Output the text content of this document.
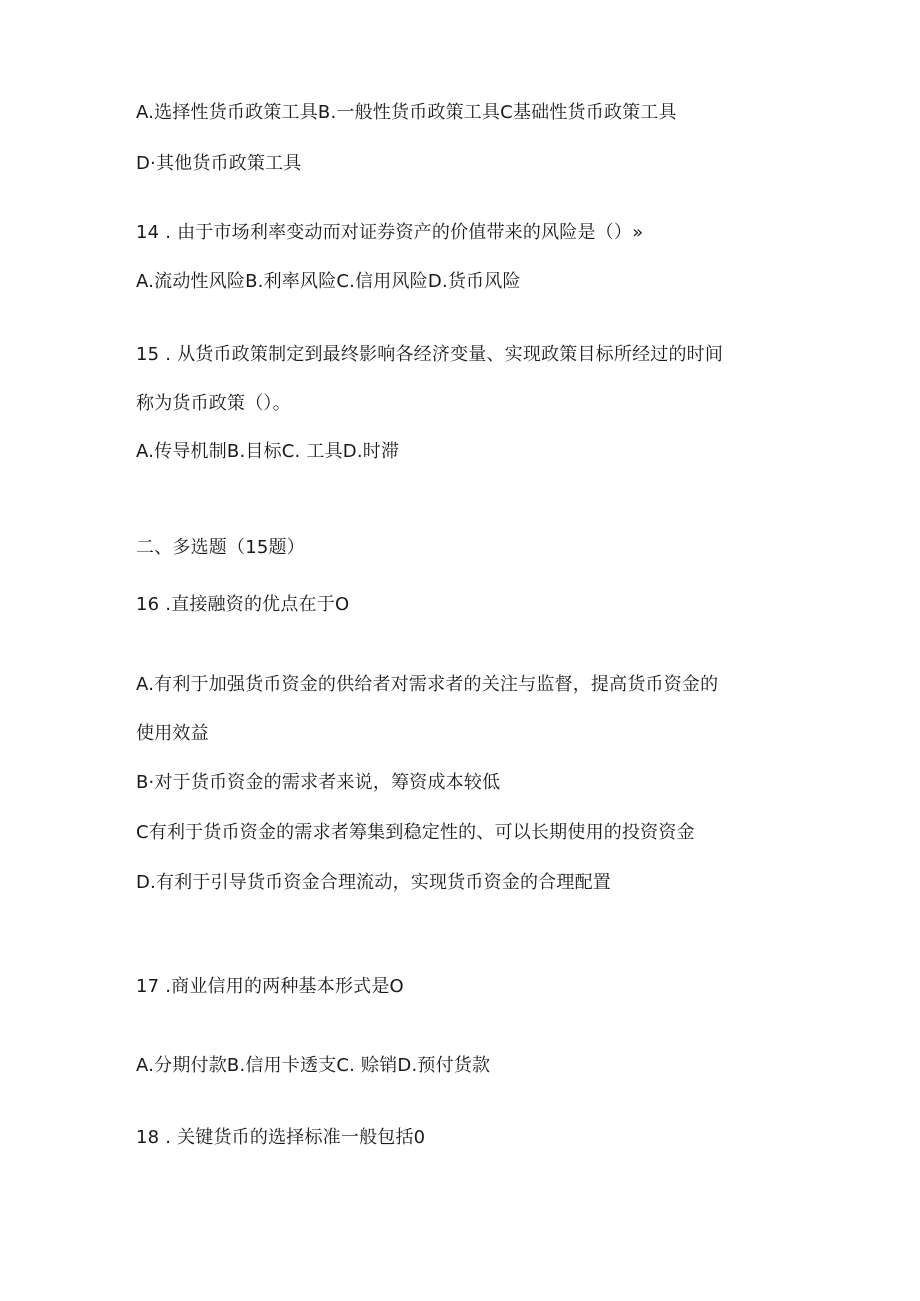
A.选择性货币政策工具B.一般性货币政策工具C基础性货币政策工具
D·其他货币政策工具
14 . 由于市场利率变动而对证券资产的价值带来的风险是（）»
A.流动性风险B.利率风险C.信用风险D.货币风险
15 . 从货币政策制定到最终影响各经济变量、实现政策目标所经过的时间
称为货币政策（）。
A.传导机制B.目标C. 工具D.时滞
二、多选题（15题）
16 .直接融资的优点在于O
A.有利于加强货币资金的供给者对需求者的关注与监督，提高货币资金的
使用效益
B·对于货币资金的需求者来说，筹资成本较低
C有利于货币资金的需求者筹集到稳定性的、可以长期使用的投资资金
D.有利于引导货币资金合理流动，实现货币资金的合理配置
17 .商业信用的两种基本形式是O
A.分期付款B.信用卡透支C. 赊销D.预付货款
18 . 关键货币的选择标准一般包括0
